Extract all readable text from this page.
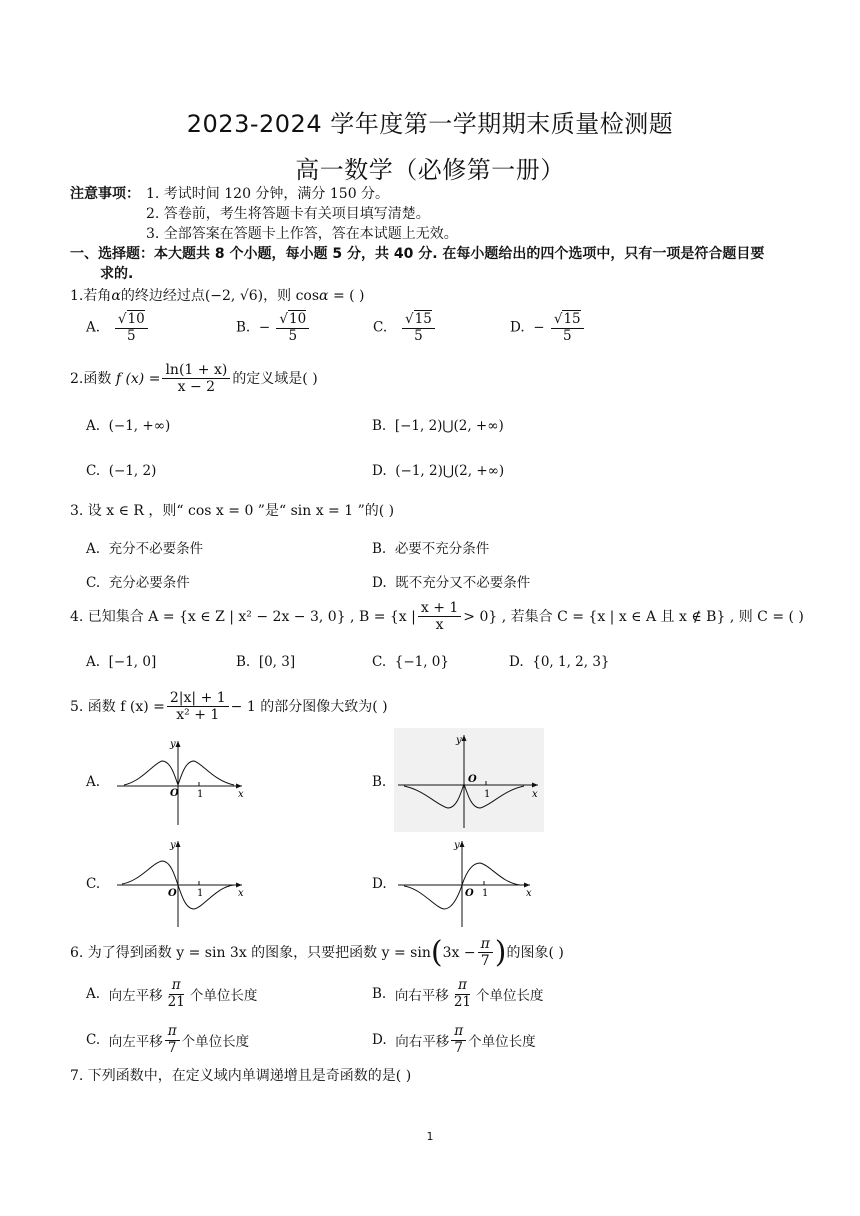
2023-2024 学年度第一学期期末质量检测题
高一数学（必修第一册）
注意事项： 1. 考试时间 120 分钟，满分 150 分。
2. 答卷前，考生将答题卡有关项目填写清楚。
3. 全部答案在答题卡上作答，答在本试题上无效。
一、选择题：本大题共 8 个小题，每小题 5 分，共 40 分. 在每小题给出的四个选项中，只有一项是符合题目要
求的.
1.若角α的终边经过点(−2, √6)，则 cosα = ( )
A. $\frac{√10}{5}$	B. − $\frac{√10}{5}$	C. $\frac{√15}{5}$	D. − $\frac{√15}{5}$
2. 函数
f $(x) = \frac{\ln(1 + x)}{x - 2}$ 的定义域是( )
A. (−1, +∞)	B. [−1, 2)⋃(2, +∞)
C. (−1, 2)	D. (−1, 2)⋃(2, +∞)
3. 设 x ∈ R ，则“ cos x = 0 ”是“ sin x = 1 ”的( )
A. 充分不必要条件	B. 必要不充分条件
C. 充分必要条件	D. 既不充分又不必要条件
4. 已知集合 A = {x ∈ Z | x² − 2x − 3, 0} , B = {x | $\frac{x + 1}{x} > 0$} , 若集合 C = {x | x ∈ A 且 x ∉ B} , 则 C = ( )
A. [−1, 0]	B. [0, 3]	C. {−1, 0}	D. {0, 1, 2, 3}
5. 函数 f $(x) = \frac{2|x| + 1}{\text{x² + 1}} - 1$ 的部分图像大致为( )
A.	B.
C.	D.
y
x
O 1
y
x
O
1
y
x
O 1
y
x
O 1
6. 为了得到函数 y = sin 3x 的图象，只要把函数 y = sin ( $3x - \frac{\pi}{7}$ ) 的图象( )
A.
向左平移 $\frac{\pi}{21}$ 个单位长度	B.
向右平移 $\frac{\pi}{21}$ 个单位长度
C.
向左平移 $\frac{\pi}{7}$ 个单位长度	D.
向右平移 $\frac{\pi}{7}$ 个单位长度
7. 下列函数中，在定义域内单调递增且是奇函数的是( )
1
